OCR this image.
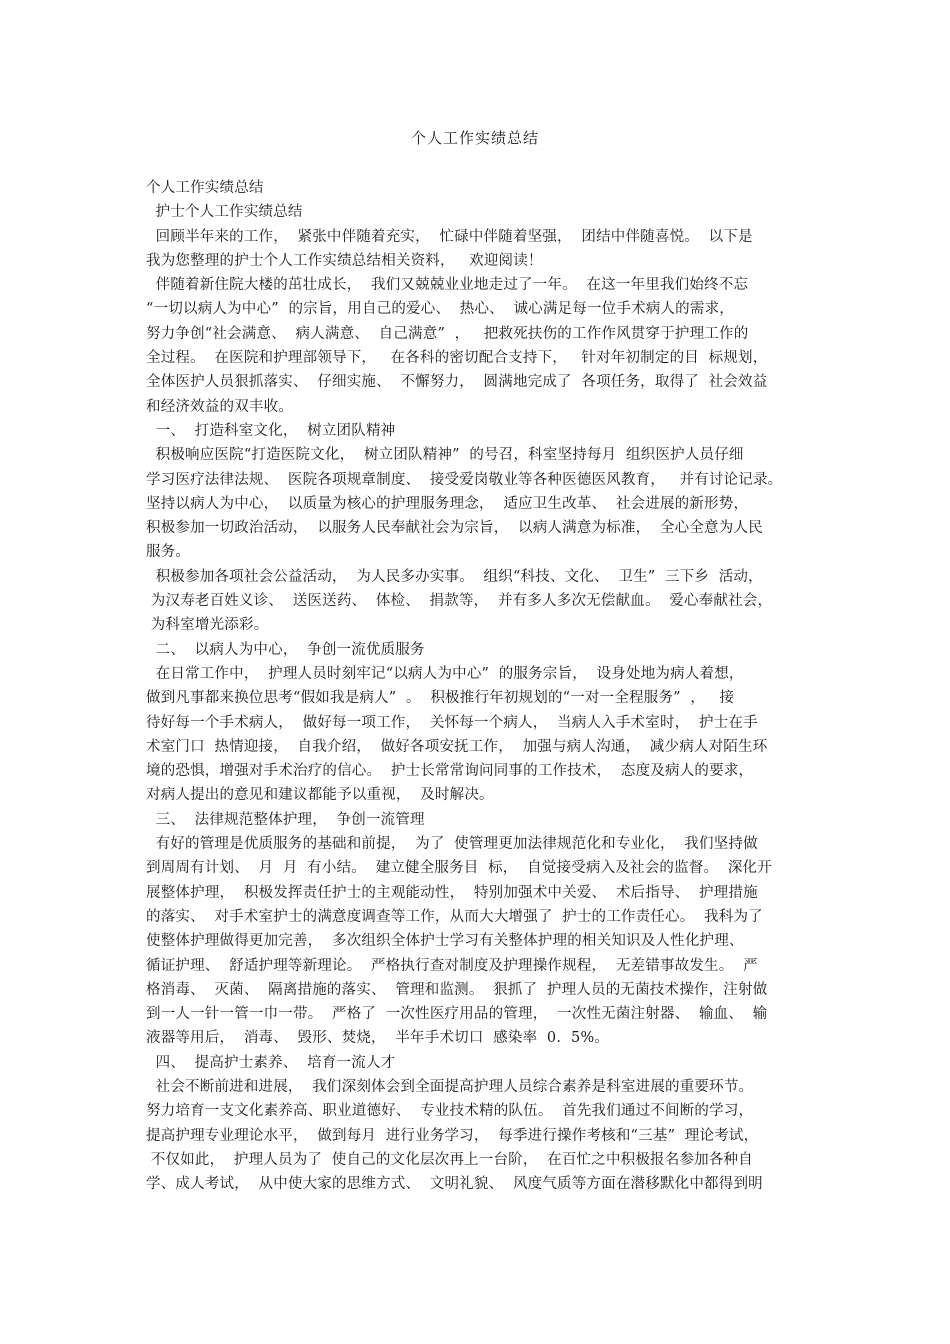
个人工作实绩总结
个人工作实绩总结
护士个人工作实绩总结
回顾半年来的工作，  紧张中伴随着充实，  忙碌中伴随着坚强，  团结中伴随喜悦。  以下是
我为您整理的护士个人工作实绩总结相关资料，   欢迎阅读！
伴随着新住院大楼的茁壮成长，  我们又兢兢业业地走过了一年。  在这一年里我们始终不忘
“一切以病人为中心”  的宗旨，用自己的爱心、  热心、  诚心满足每一位手术病人的需求，
努力争创“社会满意、  病人满意、  自己满意”  ，   把救死扶伤的工作作风贯穿于护理工作的
全过程。  在医院和护理部领导下，   在各科的密切配合支持下，   针对年初制定的目  标规划，
全体医护人员狠抓落实、  仔细实施、  不懈努力，  圆满地完成了  各项任务，取得了  社会效益
和经济效益的双丰收。
一、  打造科室文化，  树立团队精神
积极响应医院“打造医院文化，  树立团队精神”  的号召，科室坚持每月  组织医护人员仔细
学习医疗法律法规、  医院各项规章制度、  接受爱岗敬业等各种医德医风教育，   并有讨论记录。
坚持以病人为中心，  以质量为核心的护理服务理念，  适应卫生改革、  社会进展的新形势，
积极参加一切政治活动，  以服务人民奉献社会为宗旨，  以病人满意为标准，  全心全意为人民
服务。
积极参加各项社会公益活动，  为人民多办实事。  组织“科技、文化、  卫生”  三下乡  活动，
为汉寿老百姓义诊、  送医送药、  体检、  捐款等，  并有多人多次无偿献血。  爱心奉献社会，
为科室增光添彩。
二、  以病人为中心，  争创一流优质服务
在日常工作中，  护理人员时刻牢记“以病人为中心”  的服务宗旨，  设身处地为病人着想，
做到凡事都来换位思考“假如我是病人”  。  积极推行年初规划的“一对一全程服务”  ，   接
待好每一个手术病人，  做好每一项工作，  关怀每一个病人，  当病人入手术室时，  护士在手
术室门口  热情迎接，  自我介绍，  做好各项安抚工作，  加强与病人沟通，  减少病人对陌生环
境的恐惧，增强对手术治疗的信心。  护士长常常询问同事的工作技术，  态度及病人的要求，
对病人提出的意见和建议都能予以重视，  及时解决。
三、  法律规范整体护理，  争创一流管理
有好的管理是优质服务的基础和前提，  为了  使管理更加法律规范化和专业化，  我们坚持做
到周周有计划、  月  月  有小结。  建立健全服务目  标，  自觉接受病入及社会的监督。  深化开
展整体护理，  积极发挥责任护士的主观能动性，  特别加强术中关爱、  术后指导、  护理措施
的落实、  对手术室护士的满意度调查等工作，从而大大增强了  护士的工作责任心。  我科为了
使整体护理做得更加完善，  多次组织全体护士学习有关整体护理的相关知识及人性化护理、
循证护理、  舒适护理等新理论。  严格执行查对制度及护理操作规程，  无差错事故发生。  严
格消毒、  灭菌、  隔离措施的落实、  管理和监测。  狠抓了  护理人员的无菌技术操作，注射做
到一人一针一管一巾一带。  严格了  一次性医疗用品的管理，  一次性无菌注射器、  输血、  输
液器等用后，  消毒、  毁形、焚烧，  半年手术切口  感染率  0．5%。
四、  提高护士素养、  培育一流人才
社会不断前进和进展，  我们深刻体会到全面提高护理人员综合素养是科室进展的重要环节。
努力培育一支文化素养高、职业道德好、  专业技术精的队伍。  首先我们通过不间断的学习，
提高护理专业理论水平，  做到每月  进行业务学习，  每季进行操作考核和“三基”  理论考试，
不仅如此，  护理人员为了  使自己的文化层次再上一台阶，  在百忙之中积极报名参加各种自
学、成人考试，  从中使大家的思维方式、  文明礼貌、  风度气质等方面在潜移默化中都得到明
